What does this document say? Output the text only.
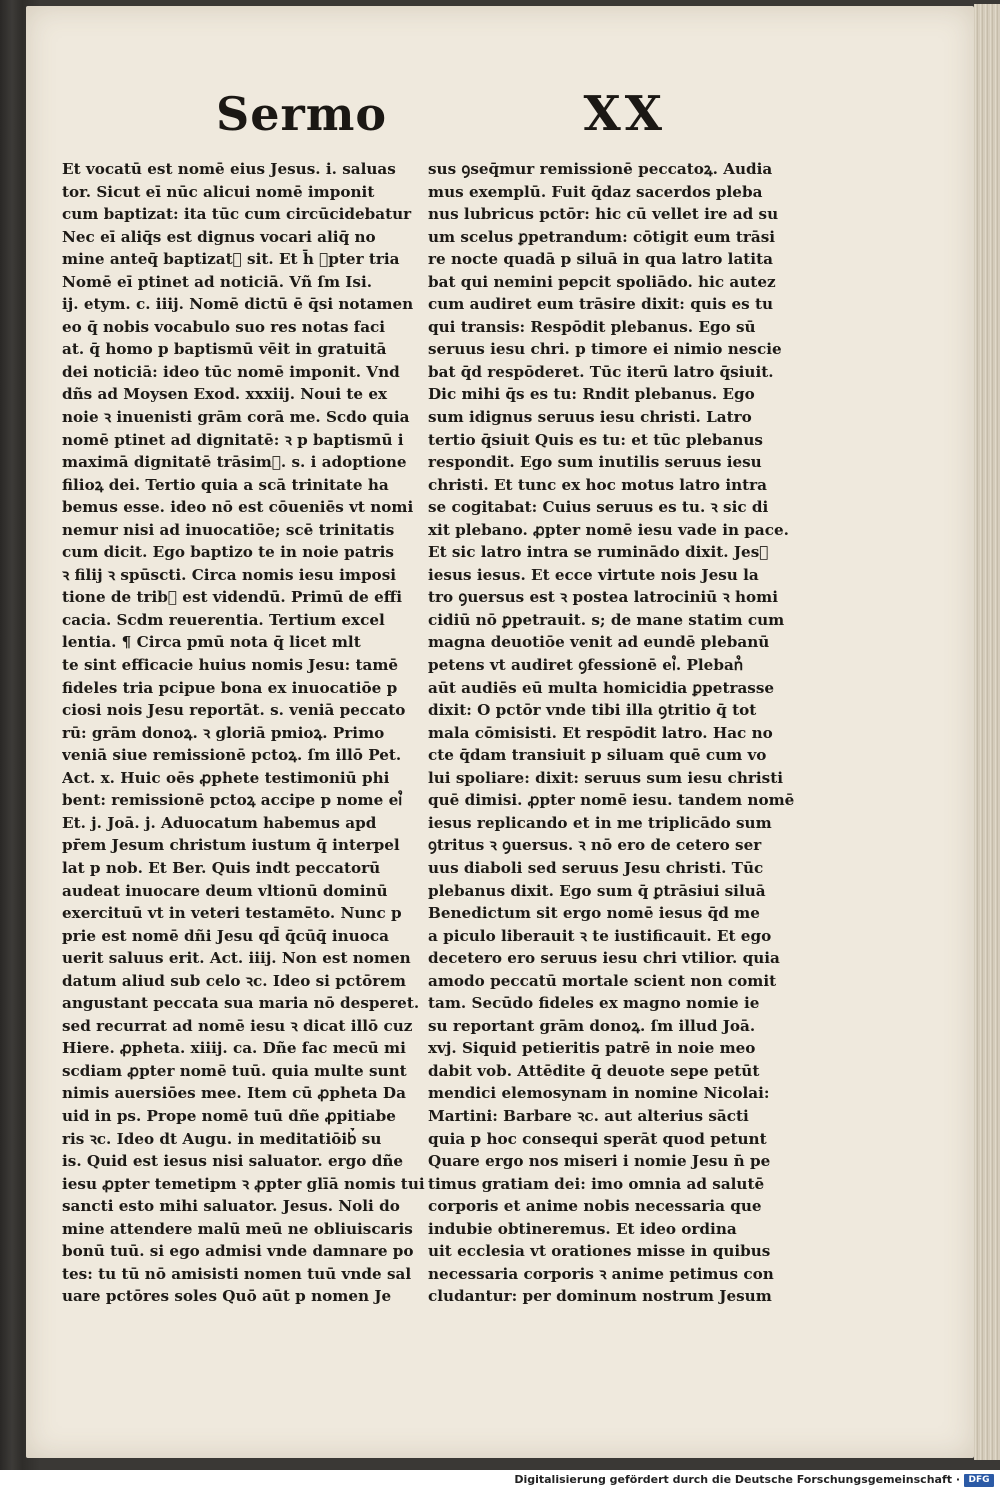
Sermo	XX
Et vocatū est nomē eius Jesus. i. saluas
tor. Sicut eī nūc alicui nomē imponit
cum baptizat: ita tūc cum circūcidebatur
Nec eī aliq̄s est dignus vocari aliq̄ no
mine anteq̄ baptizat᷒ sit. Et h̄ ꝓpter tria
Nomē eī ptinet ad noticiā. Vñ ſm Isi.
ij. etym. c. iiij. Nomē dictū ē q̄si notamen
eo q̄ nobis vocabulo suo res notas faci
at. q̄ homo p baptismū vēit in gratuitā
dei noticiā: ideo tūc nomē imponit. Vnd
dñs ad Moysen Exod. xxxiij. Noui te ex
noie ꝛ inuenisti grām corā me. Scdo quia
nomē ptinet ad dignitatē: ꝛ p baptismū i
maximā dignitatē trāsim᷒. s. i adoptione
filioꝝ dei. Tertio quia a scā trinitate ha
bemus esse. ideo nō est cōueniēs vt nomi
nemur nisi ad inuocatiōe; scē trinitatis
cum dicit. Ego baptizo te in noie patris
ꝛ filij ꝛ spūscti. Circa nomis iesu imposi
tione de trib᷒ est videndū. Primū de effi
cacia. Scdm reuerentia. Tertium excel
lentia. ¶ Circa pmū nota q̄ licet mlt
te sint efficacie huius nomis Jesu: tamē
fideles tria pcipue bona ex inuocatiōe p
ciosi nois Jesu reportāt. s. veniā peccato
rū: grām donoꝝ. ꝛ gloriā pmioꝝ. Primo
veniā siue remissionē pctoꝝ. ſm illō Pet.
Act. x. Huic oēs ꝓphete testimoniū phi
bent: remissionē pctoꝝ accipe p nome ei᷒
Et. j. Joā. j. Aduocatum habemus apd
pr̄em Jesum christum iustum q̄ interpel
lat p nob. Et Ber. Quis indt peccatorū
audeat inuocare deum vltionū dominū
exercituū vt in veteri testamēto. Nunc p
prie est nomē dñi Jesu qd̄ q̄cūq̄ inuoca
uerit saluus erit. Act. iiij. Non est nomen
datum aliud sub celo ꝛc. Ideo si pctōrem
angustant peccata sua maria nō desperet.
sed recurrat ad nomē iesu ꝛ dicat illō cuz
Hiere. ꝓpheta. xiiij. ca. Dñe fac mecū mi
scdiam ꝓpter nomē tuū. quia multe sunt
nimis auersiōes mee. Item cū ꝓpheta Da
uid in ps. Prope nomē tuū dñe ꝓpitiabe
ris ꝛc. Ideo dt Augu. in meditatiōib᷒ su
is. Quid est iesus nisi saluator. ergo dñe
iesu ꝓpter temetipm ꝛ ꝓpter glīā nomis tui
sancti esto mihi saluator. Jesus. Noli do
mine attendere malū meū ne obliuiscaris
bonū tuū. si ego admisi vnde damnare po
tes: tu tū nō amisisti nomen tuū vnde sal
uare pctōres soles Quō aūt p nomen Je
sus ꝯseq̄mur remissionē peccatoꝝ. Audia
mus exemplū. Fuit q̄daz sacerdos pleba
nus lubricus pctōr: hic cū vellet ire ad su
um scelus ꝑpetrandum: cōtigit eum trāsi
re nocte quadā p siluā in qua latro latita
bat qui nemini pepcit spoliādo. hic autez
cum audiret eum trāsire dixit: quis es tu
qui transis: Respōdit plebanus. Ego sū
seruus iesu chri. p timore ei nimio nescie
bat q̄d respōderet. Tūc iterū latro q̄siuit.
Dic mihi q̄s es tu: Rndit plebanus. Ego
sum idignus seruus iesu christi. Latro
tertio q̄siuit Quis es tu: et tūc plebanus
respondit. Ego sum inutilis seruus iesu
christi. Et tunc ex hoc motus latro intra
se cogitabat: Cuius seruus es tu. ꝛ sic di
xit plebano. ꝓpter nomē iesu vade in pace.
Et sic latro intra se ruminādo dixit. Jes᷒
iesus iesus. Et ecce virtute nois Jesu la
tro ꝯuersus est ꝛ postea latrociniū ꝛ homi
cidiū nō ꝑpetrauit. s; de mane statim cum
magna deuotiōe venit ad eundē plebanū
petens vt audiret ꝯfessionē ei᷒. Pleban᷒
aūt audiēs eū multa homicidia ꝑpetrasse
dixit: O pctōr vnde tibi illa ꝯtritio q̄ tot
mala cōmisisti. Et respōdit latro. Hac no
cte q̄dam transiuit p siluam quē cum vo
lui spoliare: dixit: seruus sum iesu christi
quē dimisi. ꝓpter nomē iesu. tandem nomē
iesus replicando et in me triplicādo sum
ꝯtritus ꝛ ꝯuersus. ꝛ nō ero de cetero ser
uus diaboli sed seruus Jesu christi. Tūc
plebanus dixit. Ego sum q̄ ꝑtrāsiui siluā
Benedictum sit ergo nomē iesus q̄d me
a piculo liberauit ꝛ te iustificauit. Et ego
decetero ero seruus iesu chri vtilior. quia
amodo peccatū mortale scient non comit
tam. Secūdo fideles ex magno nomie ie
su reportant grām donoꝝ. ſm illud Joā.
xvj. Siquid petieritis patrē in noie meo
dabit vob. Attēdite q̄ deuote sepe petūt
mendici elemosynam in nomine Nicolai:
Martini: Barbare ꝛc. aut alterius sācti
quia p hoc consequi sperāt quod petunt
Quare ergo nos miseri i nomie Jesu n̄ pe
timus gratiam dei: imo omnia ad salutē
corporis et anime nobis necessaria que
indubie obtineremus. Et ideo ordina
uit ecclesia vt orationes misse in quibus
necessaria corporis ꝛ anime petimus con
cludantur: per dominum nostrum Jesum
Digitalisierung gefördert durch die Deutsche Forschungsgemeinschaft · DFG
